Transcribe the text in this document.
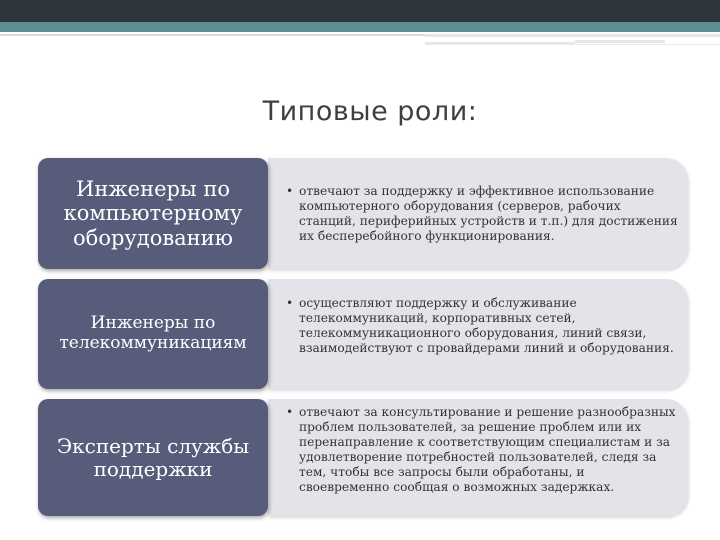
Типовые роли:
Инженеры по компьютерному оборудованию
• отвечают за поддержку и эффективное использование компьютерного оборудования (серверов, рабочих станций, периферийных устройств и т.п.) для достижения их бесперебойного функционирования.

Инженеры по телекоммуникациям
• осуществляют поддержку и обслуживание телекоммуникаций, корпоративных сетей, телекоммуникационного оборудования, линий связи, взаимодействуют с провайдерами линий и оборудования.

Эксперты службы поддержки
• отвечают за консультирование и решение разнообразных проблем пользователей, за решение проблем или их перенаправление к соответствующим специалистам и за удовлетворение потребностей пользователей, следя за тем, чтобы все запросы были обработаны, и своевременно сообщая о возможных задержках.
